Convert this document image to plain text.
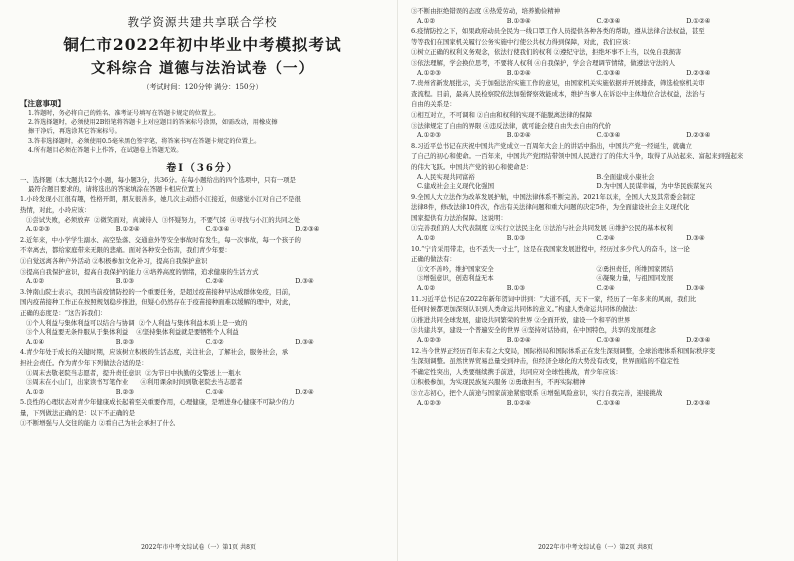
教学资源共建共享联合学校
铜仁市2022年初中毕业中考模拟考试
文科综合 道德与法治试卷（一）
（考试时间：120分钟 满分：150分）
【注意事项】
1.答题时，务必将自己的姓名、准考证号填写在答题卡规定的位置上。
2.答选择题时，必须使用2B铅笔将答题卡上对应题目的答案标号涂黑，如需改动，用橡皮擦
擦干净后，再选涂其它答案标号。
3.答非选择题时，必须使用0.5毫米黑色签字笔，将答案书写在答题卡规定的位置上。
4.所有题目必须在答题卡上作答，在试题卷上答题无效。
卷Ⅰ（36分）
一、选择题（本大题共12个小题，每小题3分，共36分。在每小题给出的四个选项中，只有一项是
最符合题目要求的，请将选出的答案填涂在答题卡相应位置上）
1.小玲发现小江很有趣，性格开朗，朋友很善多，她几次主动搭小江接近，但感觉小江对自己不是很
热情，对此，小玲应该：
①尝试失败，必须放弃  ②微笑面对，真诚待人  ③怀疑努力，不要气馁  ④寻找与小江的共同之处
A.①②③	B.①②④	C.①③④	D.②③④
2.近年来，中小学学生溺水、高空坠落、交通意外等安全事故时有发生，每一次事故，每一个孩子的
不幸离去，都给家庭带来无限的悲痛。面对各种安全伤害，我们青少年要：
①自觉远离各种户外活动 ②积极参加文化补习，提高自我保护意识
③提高自我保护意识，提高自我保护的能力 ④培养高度的情绪，追求健康的生活方式
A.①②	B.①③	C.②④	D.③④
3.钟南山院士表示，我国当前疫情防控的一个重要任务，是超过疫苗接种早达成群体免疫，目前，
国内疫苗接种工作正在按照规划稳步推进，但疑心仍然存在于疫苗接种面难以缓解的理中，对此，
正确的态度是：“这告诉我们：
①个人利益与集体利益可以结合与协调  ②个人利益与集体利益本质上是一致的
③个人利益要无条件服从于集体利益    ④坚持集体利益就是要牺牲个人利益
A.①④	B.②③	C.①②	D.③④
4.青少年处于成长的关键时期，应该树立积极的生活态度，关注社会，了解社会，服务社会，承
担社会责任。作为青少年下列做法合适的是：
①周末去敬老院当志愿者，提升责任意识  ②为节日中执勤的交警送上一瓶水
③周末在小山门，出家读书写笔作业      ④利用课余时间到敬老院去当志愿者
A.①②	B.②③	C.①④	D.②④
5.良性的心理状态对青少年健康成长起着至关重要作用，心理健康，是增进身心健康不可缺少的力
量，下列做法正确的是：以下不正确的是
①不断增强与人交往的能力 ②看自己为社会承担了什么
2022年市中考文综试卷（一）第1页 共8页
③不断由拒绝错误的态度 ④热爱劳动，培养勤俭精神
A.①②	B.①③④	C.②③④	D.①②④
6.疫情防控之下，如果政府动员全民为一线口罩工作人员提供各种各类的帮助，遵从法律合法权益，甚至
等等我们在国家机关履行公务实施中行使公共权力得到保障，对此，我们应该：
①树立正确的权利义务观念，依法行使我们的权利 ②遵纪守法，拒绝坏事不上当，以免自我损害
③依法理解，学会换位思考，不要将人权利 ④自我保护，学会合理调节情绪，做遵法守法的人
A.①②③	B.①②④	C.①③④	D.②③④
7.贵州省新发展批示，关于加强法治实施工作的意见，由国家机关实施依据并开展排查，筛选检察机关审
查流程。目前，最高人民检察院依法加强督察效能成本，维护当事人在诉讼中主体地位合法权益，法治与
自由的关系是：
①相互对立，不可调和 ②自由和权利的实现不能脱离法律的保障
③法律规定了自由的界限 ④违反法律，就可能会使自由失去自由的代价
A.①②③	B.①②④	C.①③④	D.②③④
8.习近平总书记在庆祝中国共产党成立一百周年大会上的讲话中指出，中国共产党一经诞生，就确立
了自己的初心和使命。一百年来，中国共产党团结带领中国人民进行了的伟大斗争，取得了从站起来、富起来到强起来
的伟大飞跃。中国共产党的初心和使命是：
A.人民实现共同富裕	B.全面建成小康社会
C.建成社会主义现代化强国	D.为中国人民谋幸福，为中华民族谋复兴
9.全国人大立法作为改革发展护航，中国法律体系不断完善。2021年以来，全国人大及其常委会制定
法律8件，修改法律10件次，作出有关法律问题和重大问题的决定5件，为全面建设社会主义现代化
国家提供有力法治保障。这说明：
①完善我们的人大代表制度 ②实行立法民主化 ③法治与社会共同发展 ④维护公民的基本权利
A.①②	B.①③	C.②④	D.③④
10.“宁肯采用带走，也不丢失一寸土”，这是在我国家发展进程中，经历过多少代人的奋斗，这一论
正确的做法有：
①文不善吟，维护国家安全	②勇担责任，所维国家团结
③增强意识，创造利益无本	④凝聚力量，与祖国同发展
A.①②	B.①③	C.②④	D.③④
11.习近平总书记在2022年新年贺词中讲到：“大道不孤，天下一家，经历了一年多来的风雨，我们比
任何时候都更加深刻认识到人类命运共同体的意义。”构建人类命运共同体的做法：
①推进共同全球发展，建设共同繁荣的世界 ②全面开放，建设一个和平的世界
③共建共享，建设一个普遍安全的世界 ④坚持对话协商，在中国特色，共享的发展理念
A.①②③	B.①②④	C.①③④	D.②③④
12.当今世界正经历百年未有之大变局，国际格局和国际体系正在发生深刻调整，全球治理体系和国际秩序变
生深刻调整。虽然世界贸易总量受到冲击，但经济全球化的大势没有改变，世界面临的不稳定性
不确定性突出，人类要继续携手前进，共同应对全球性挑战，青少年应该：
①积极参加，为实现民族复兴服务 ②勇敢担当，不再实际精神
③立志初心，把个人前途与国家前途紧密联系 ④增强风险意识，实行自我完善，迎接挑战
A.①②③	B.①②④	C.①③④	D.②③④
2022年市中考文综试卷（一）第2页 共8页
